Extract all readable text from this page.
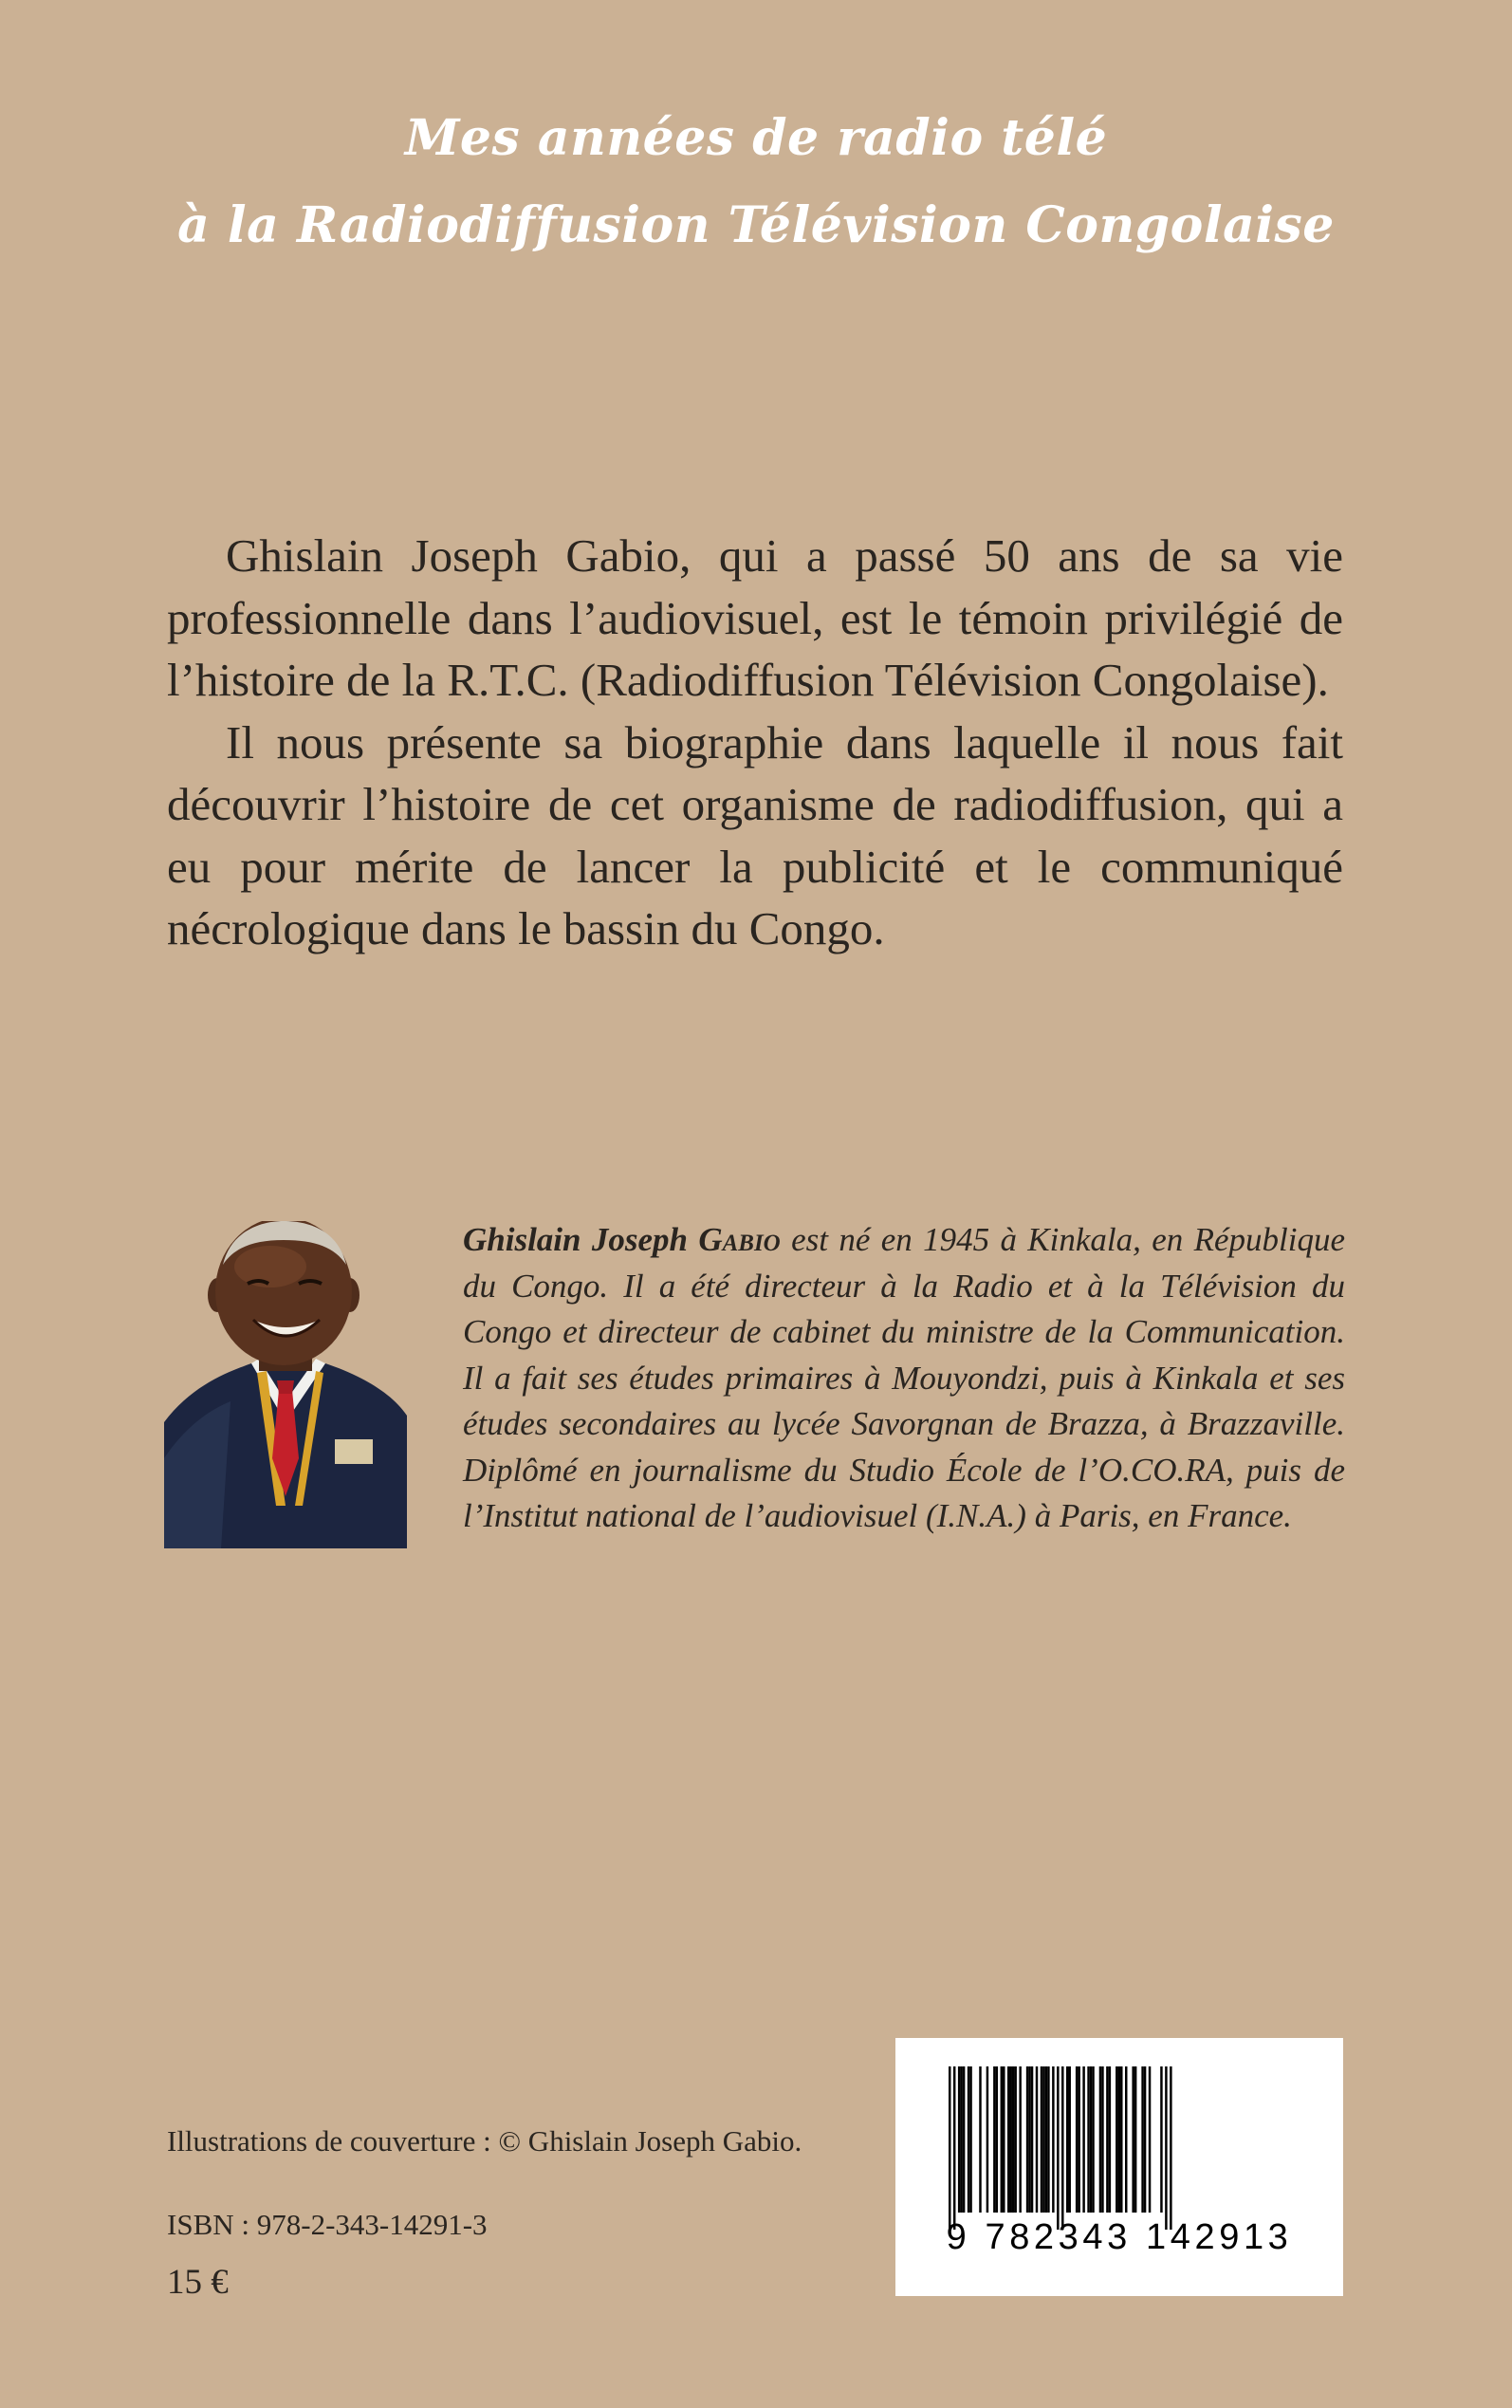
Mes années de radio télé
à la Radiodiffusion Télévision Congolaise

Ghislain Joseph Gabio, qui a passé 50 ans de sa vie professionnelle dans l’audiovisuel, est le témoin privilégié de l’histoire de la R.T.C. (Radiodiffusion Télévision Congolaise).

Il nous présente sa biographie dans laquelle il nous fait découvrir l’histoire de cet organisme de radiodiffusion, qui a eu pour mérite de lancer la publicité et le communiqué nécrologique dans le bassin du Congo.

Ghislain Joseph Gabio est né en 1945 à Kinkala, en République du Congo. Il a été directeur à la Radio et à la Télévision du Congo et directeur de cabinet du ministre de la Communication. Il a fait ses études primaires à Mouyondzi, puis à Kinkala et ses études secondaires au lycée Savorgnan de Brazza, à Brazzaville. Diplômé en journalisme du Studio École de l’O.CO.RA, puis de l’Institut national de l’audiovisuel (I.N.A.) à Paris, en France.

Illustrations de couverture : © Ghislain Joseph Gabio.
ISBN : 978-2-343-14291-3
15 €
9 782343 142913
